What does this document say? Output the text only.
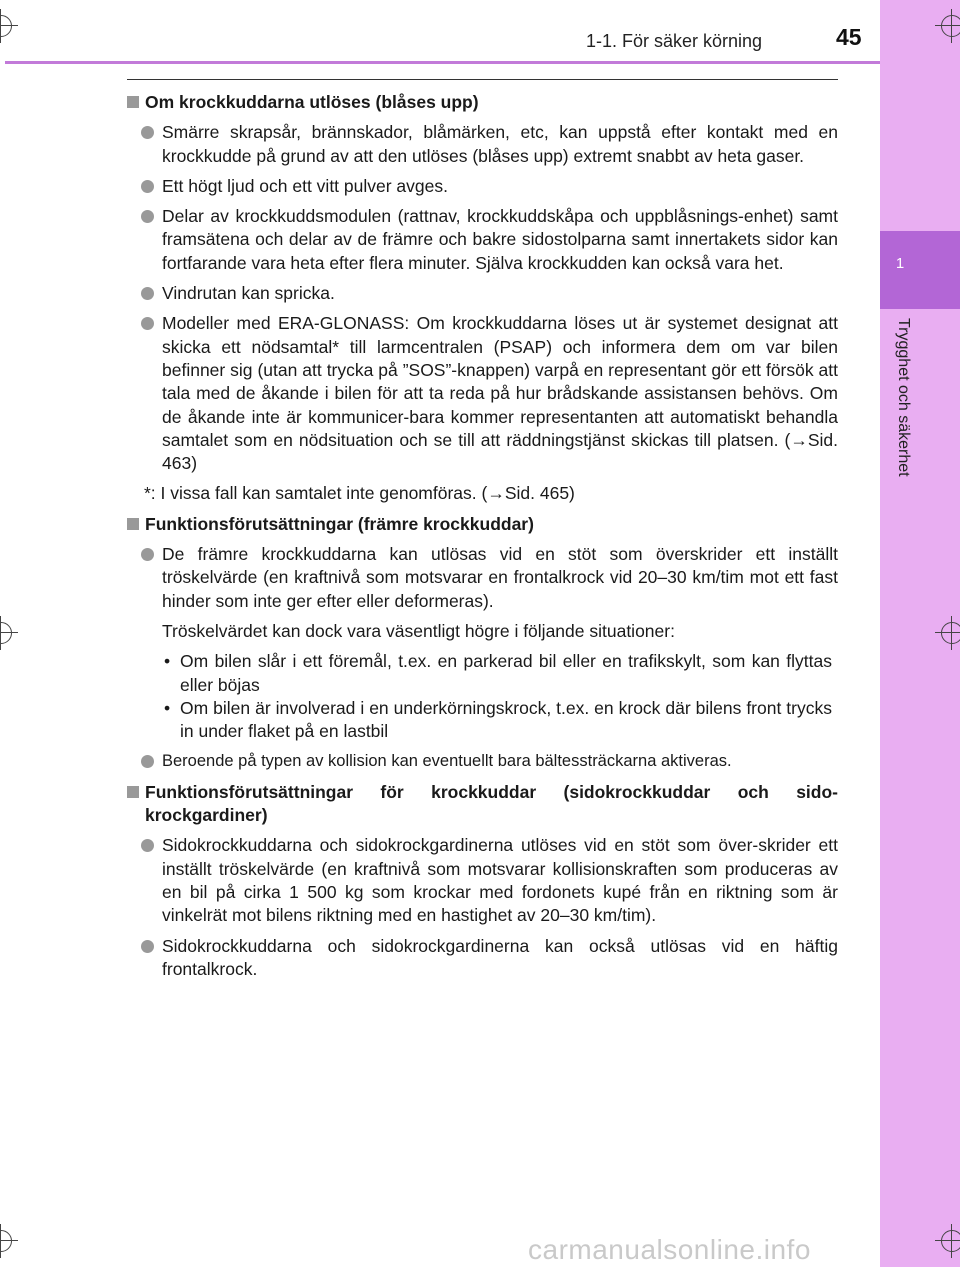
1
Trygghet och säkerhet
1-1. För säker körning	45
Om krockkuddarna utlöses (blåses upp)
Smärre skrapsår, brännskador, blåmärken, etc, kan uppstå efter kontakt med en krockkudde på grund av att den utlöses (blåses upp) extremt snabbt av heta gaser.
Ett högt ljud och ett vitt pulver avges.
Delar av krockkuddsmodulen (rattnav, krockkuddskåpa och uppblåsnings-enhet) samt framsätena och delar av de främre och bakre sidostolparna samt innertakets sidor kan fortfarande vara heta efter flera minuter. Själva krockkudden kan också vara het.
Vindrutan kan spricka.
Modeller med ERA-GLONASS: Om krockkuddarna löses ut är systemet designat att skicka ett nödsamtal* till larmcentralen (PSAP) och informera dem om var bilen befinner sig (utan att trycka på ”SOS”-knappen) varpå en representant gör ett försök att tala med de åkande i bilen för att ta reda på hur brådskande assistansen behövs. Om de åkande inte är kommunicer-bara kommer representanten att automatiskt behandla samtalet som en nödsituation och se till att räddningstjänst skickas till platsen. (→Sid. 463)
*: I vissa fall kan samtalet inte genomföras. (→Sid. 465)
Funktionsförutsättningar (främre krockkuddar)
De främre krockkuddarna kan utlösas vid en stöt som överskrider ett inställt tröskelvärde (en kraftnivå som motsvarar en frontalkrock vid 20–30 km/tim mot ett fast hinder som inte ger efter eller deformeras).
Tröskelvärdet kan dock vara väsentligt högre i följande situationer:
• Om bilen slår i ett föremål, t.ex. en parkerad bil eller en trafikskylt, som kan flyttas eller böjas
• Om bilen är involverad i en underkörningskrock, t.ex. en krock där bilens front trycks in under flaket på en lastbil
Beroende på typen av kollision kan eventuellt bara bältessträckarna aktiveras.
Funktionsförutsättningar för krockkuddar (sidokrockkuddar och sido-krockgardiner)
Sidokrockkuddarna och sidokrockgardinerna utlöses vid en stöt som över-skrider ett inställt tröskelvärde (en kraftnivå som motsvarar kollisionskraften som produceras av en bil på cirka 1 500 kg som krockar med fordonets kupé från en riktning som är vinkelrät mot bilens riktning med en hastighet av 20–30 km/tim).
Sidokrockkuddarna och sidokrockgardinerna kan också utlösas vid en häftig frontalkrock.
carmanualsonline.info
